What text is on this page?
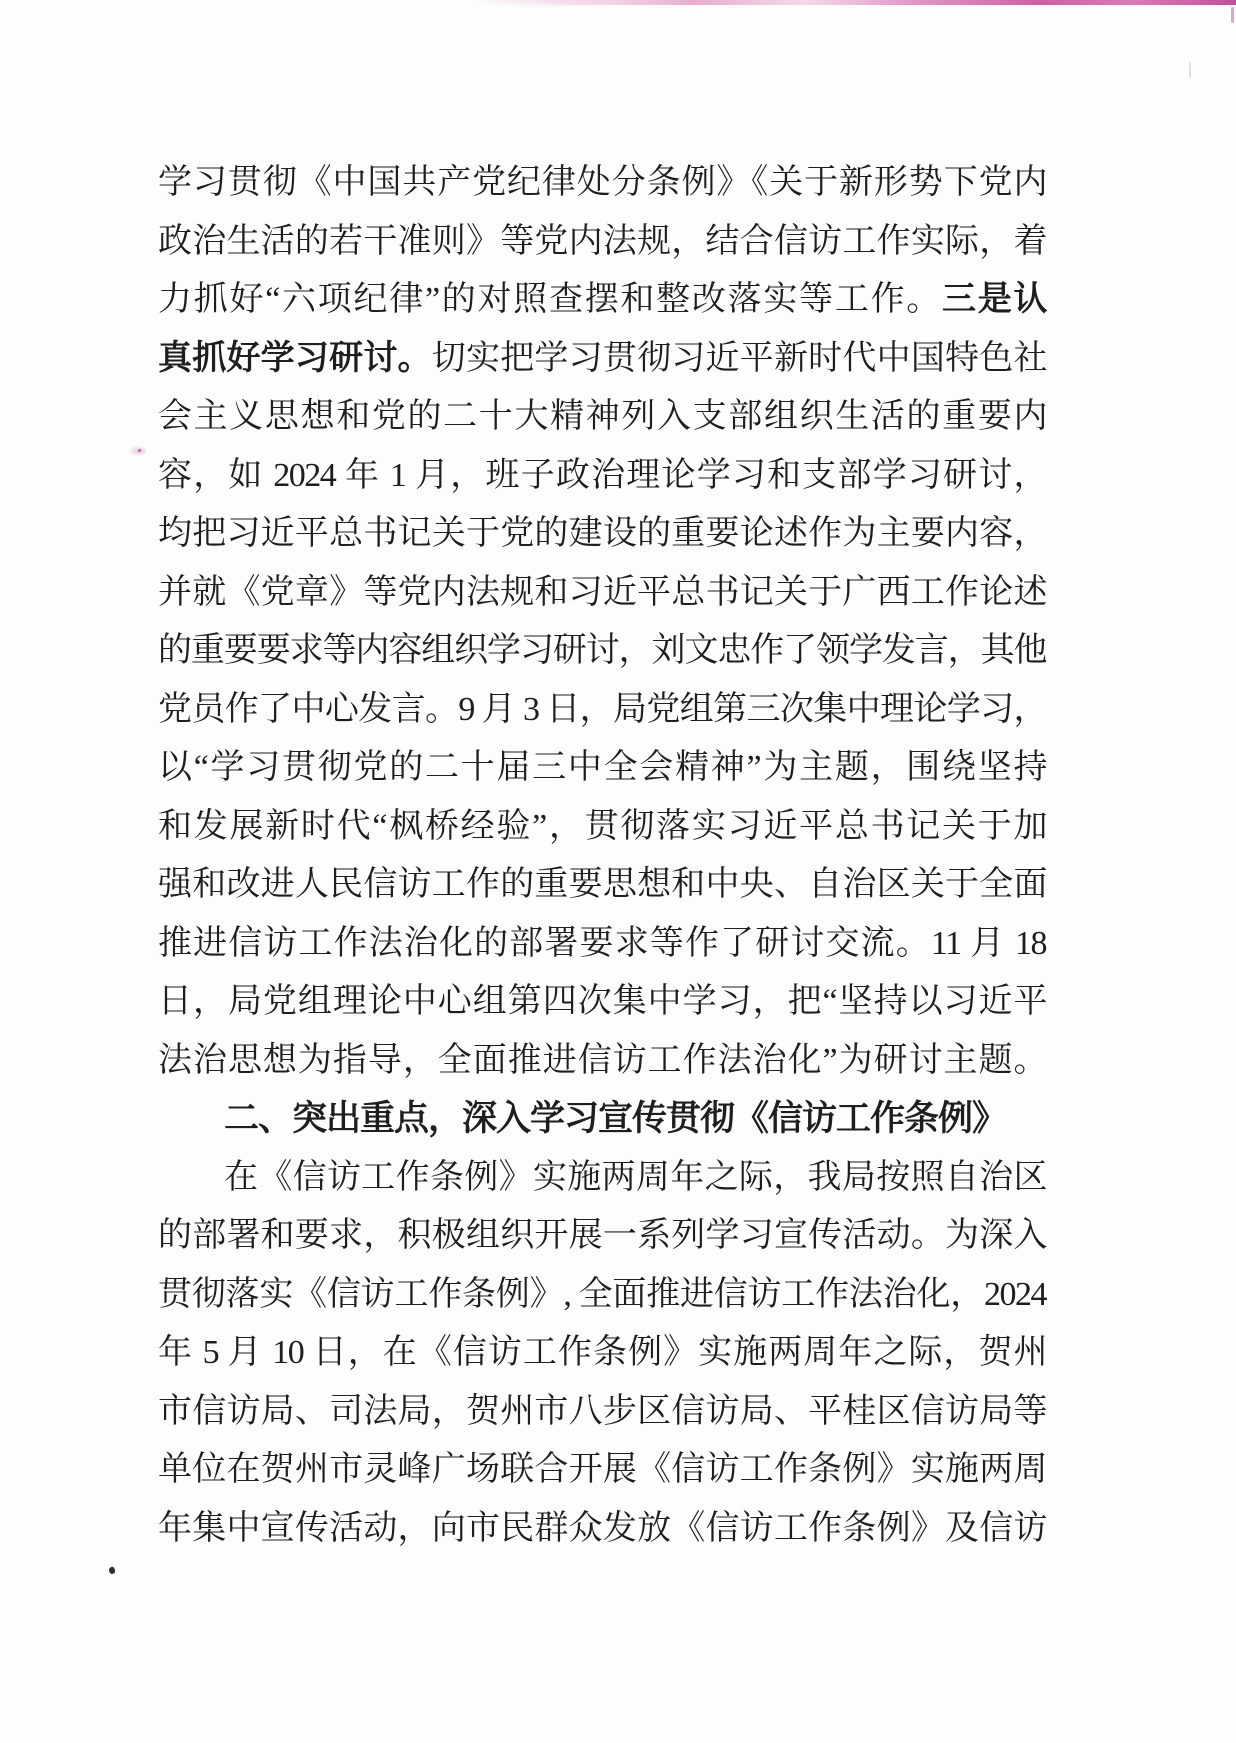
学习贯彻《中国共产党纪律处分条例》《关于新形势下党内
政治生活的若干准则》等党内法规，结合信访工作实际，着
力抓好“六项纪律”的对照查摆和整改落实等工作。三是认
真抓好学习研讨。切实把学习贯彻习近平新时代中国特色社
会主义思想和党的二十大精神列入支部组织生活的重要内
容，如 2024 年 1 月，班子政治理论学习和支部学习研讨，
均把习近平总书记关于党的建设的重要论述作为主要内容，
并就《党章》等党内法规和习近平总书记关于广西工作论述
的重要要求等内容组织学习研讨，刘文忠作了领学发言，其他
党员作了中心发言。9 月 3 日，局党组第三次集中理论学习，
以“学习贯彻党的二十届三中全会精神”为主题，围绕坚持
和发展新时代“枫桥经验”，贯彻落实习近平总书记关于加
强和改进人民信访工作的重要思想和中央、自治区关于全面
推进信访工作法治化的部署要求等作了研讨交流。11 月 18
日，局党组理论中心组第四次集中学习，把“坚持以习近平
法治思想为指导，全面推进信访工作法治化”为研讨主题。
二、突出重点，深入学习宣传贯彻《信访工作条例》
在《信访工作条例》实施两周年之际，我局按照自治区
的部署和要求，积极组织开展一系列学习宣传活动。为深入
贯彻落实《信访工作条例》, 全面推进信访工作法治化，2024
年 5 月 10 日，在《信访工作条例》实施两周年之际，贺州
市信访局、司法局，贺州市八步区信访局、平桂区信访局等
单位在贺州市灵峰广场联合开展《信访工作条例》实施两周
年集中宣传活动，向市民群众发放《信访工作条例》及信访
